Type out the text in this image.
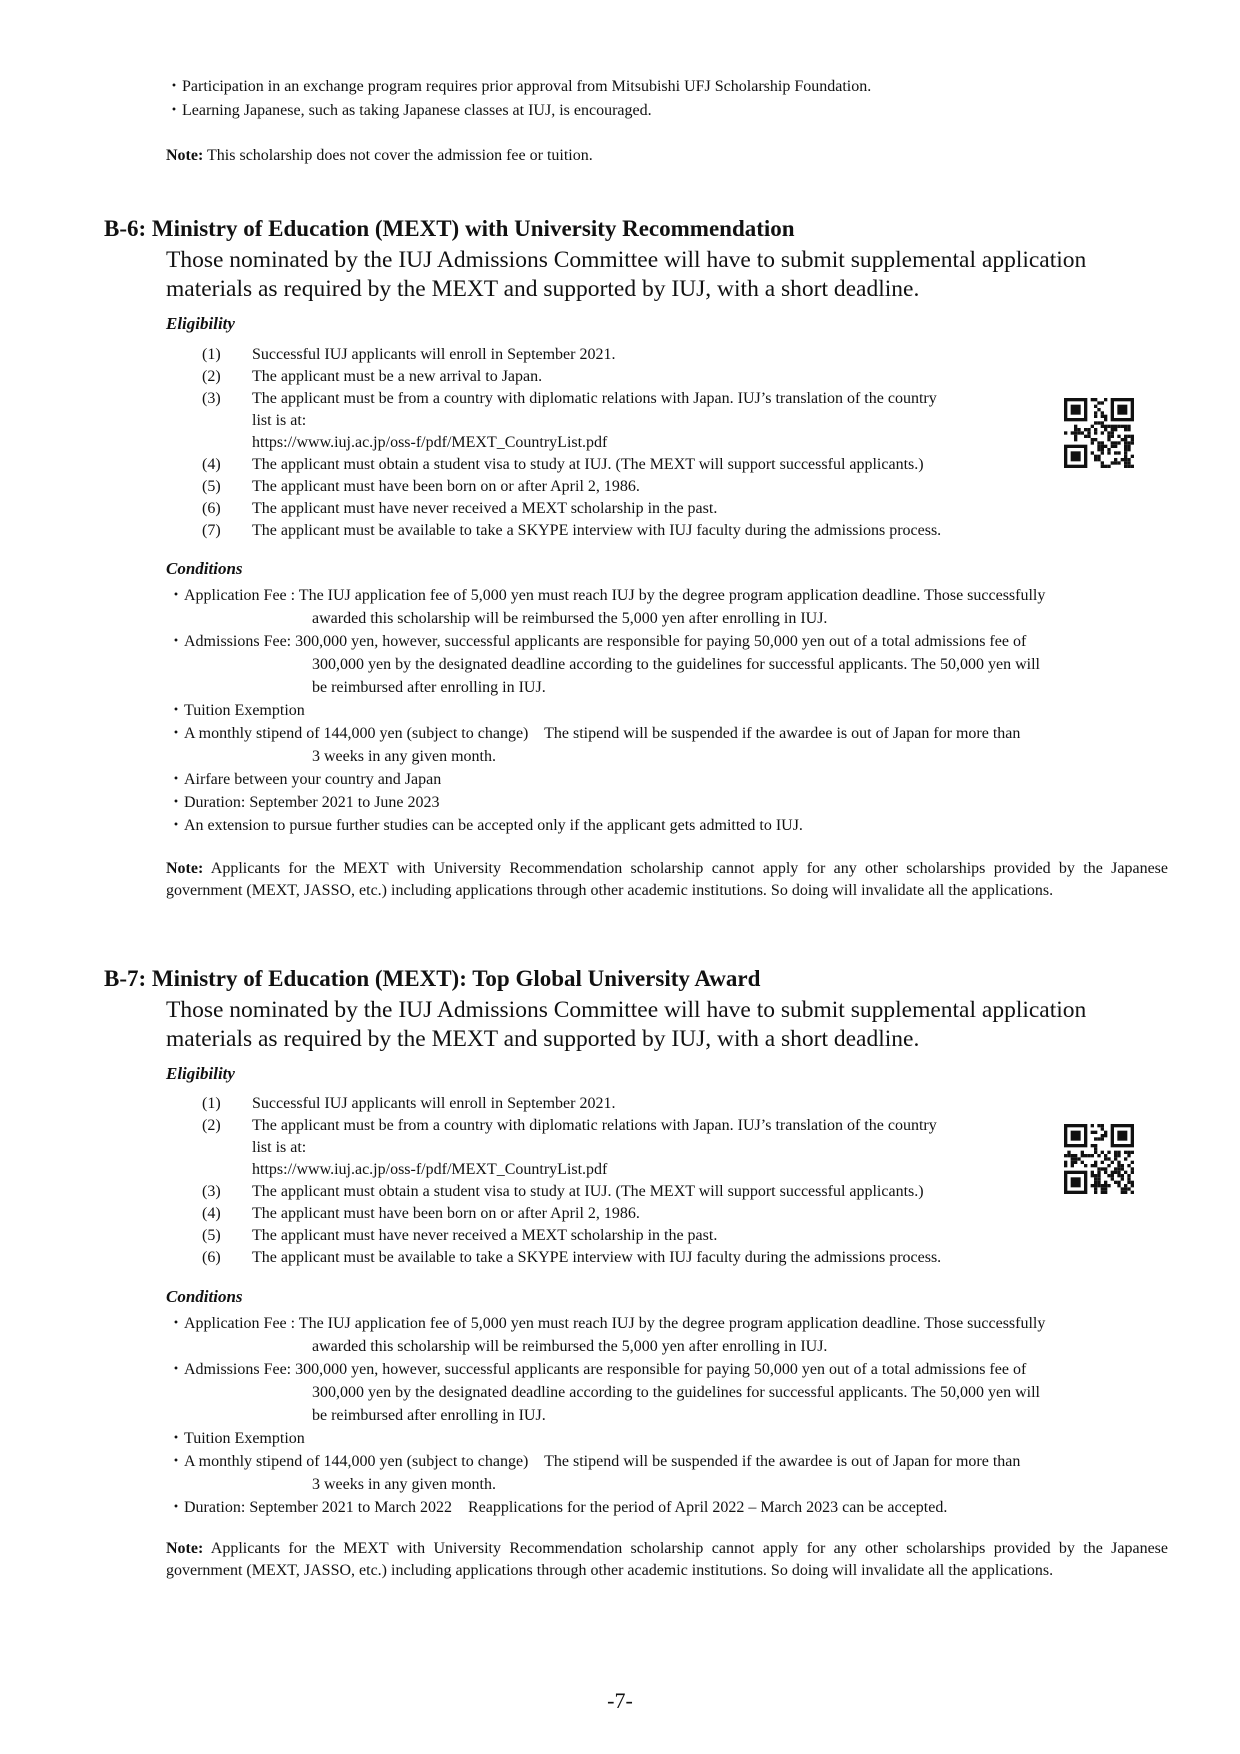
・Participation in an exchange program requires prior approval from Mitsubishi UFJ Scholarship Foundation.
・Learning Japanese, such as taking Japanese classes at IUJ, is encouraged.
Note: This scholarship does not cover the admission fee or tuition.
B-6: Ministry of Education (MEXT) with University Recommendation
Those nominated by the IUJ Admissions Committee will have to submit supplemental application materials as required by the MEXT and supported by IUJ, with a short deadline.
Eligibility
(1)	Successful IUJ applicants will enroll in September 2021.
(2)	The applicant must be a new arrival to Japan.
(3)	The applicant must be from a country with diplomatic relations with Japan. IUJ’s translation of the country
list is at:
https://www.iuj.ac.jp/oss-f/pdf/MEXT_CountryList.pdf
(4)	The applicant must obtain a student visa to study at IUJ. (The MEXT will support successful applicants.)
(5)	The applicant must have been born on or after April 2, 1986.
(6)	The applicant must have never received a MEXT scholarship in the past.
(7)	The applicant must be available to take a SKYPE interview with IUJ faculty during the admissions process.
Conditions
・Application Fee : The IUJ application fee of 5,000 yen must reach IUJ by the degree program application deadline. Those successfully
awarded this scholarship will be reimbursed the 5,000 yen after enrolling in IUJ.
・Admissions Fee: 300,000 yen, however, successful applicants are responsible for paying 50,000 yen out of a total admissions fee of
300,000 yen by the designated deadline according to the guidelines for successful applicants. The 50,000 yen will
be reimbursed after enrolling in IUJ.
・Tuition Exemption
・A monthly stipend of 144,000 yen (subject to change)    The stipend will be suspended if the awardee is out of Japan for more than
3 weeks in any given month.
・Airfare between your country and Japan
・Duration: September 2021 to June 2023
・An extension to pursue further studies can be accepted only if the applicant gets admitted to IUJ.
Note: Applicants for the MEXT with University Recommendation scholarship cannot apply for any other scholarships provided by the Japanese government (MEXT, JASSO, etc.) including applications through other academic institutions. So doing will invalidate all the applications.
B-7: Ministry of Education (MEXT): Top Global University Award
Those nominated by the IUJ Admissions Committee will have to submit supplemental application materials as required by the MEXT and supported by IUJ, with a short deadline.
Eligibility
(1)	Successful IUJ applicants will enroll in September 2021.
(2)	The applicant must be from a country with diplomatic relations with Japan. IUJ’s translation of the country
list is at:
https://www.iuj.ac.jp/oss-f/pdf/MEXT_CountryList.pdf
(3)	The applicant must obtain a student visa to study at IUJ. (The MEXT will support successful applicants.)
(4)	The applicant must have been born on or after April 2, 1986.
(5)	The applicant must have never received a MEXT scholarship in the past.
(6)	The applicant must be available to take a SKYPE interview with IUJ faculty during the admissions process.
Conditions
・Application Fee : The IUJ application fee of 5,000 yen must reach IUJ by the degree program application deadline. Those successfully
awarded this scholarship will be reimbursed the 5,000 yen after enrolling in IUJ.
・Admissions Fee: 300,000 yen, however, successful applicants are responsible for paying 50,000 yen out of a total admissions fee of
300,000 yen by the designated deadline according to the guidelines for successful applicants. The 50,000 yen will
be reimbursed after enrolling in IUJ.
・Tuition Exemption
・A monthly stipend of 144,000 yen (subject to change)    The stipend will be suspended if the awardee is out of Japan for more than
3 weeks in any given month.
・Duration: September 2021 to March 2022    Reapplications for the period of April 2022 – March 2023 can be accepted.
Note: Applicants for the MEXT with University Recommendation scholarship cannot apply for any other scholarships provided by the Japanese government (MEXT, JASSO, etc.) including applications through other academic institutions. So doing will invalidate all the applications.
-7-
